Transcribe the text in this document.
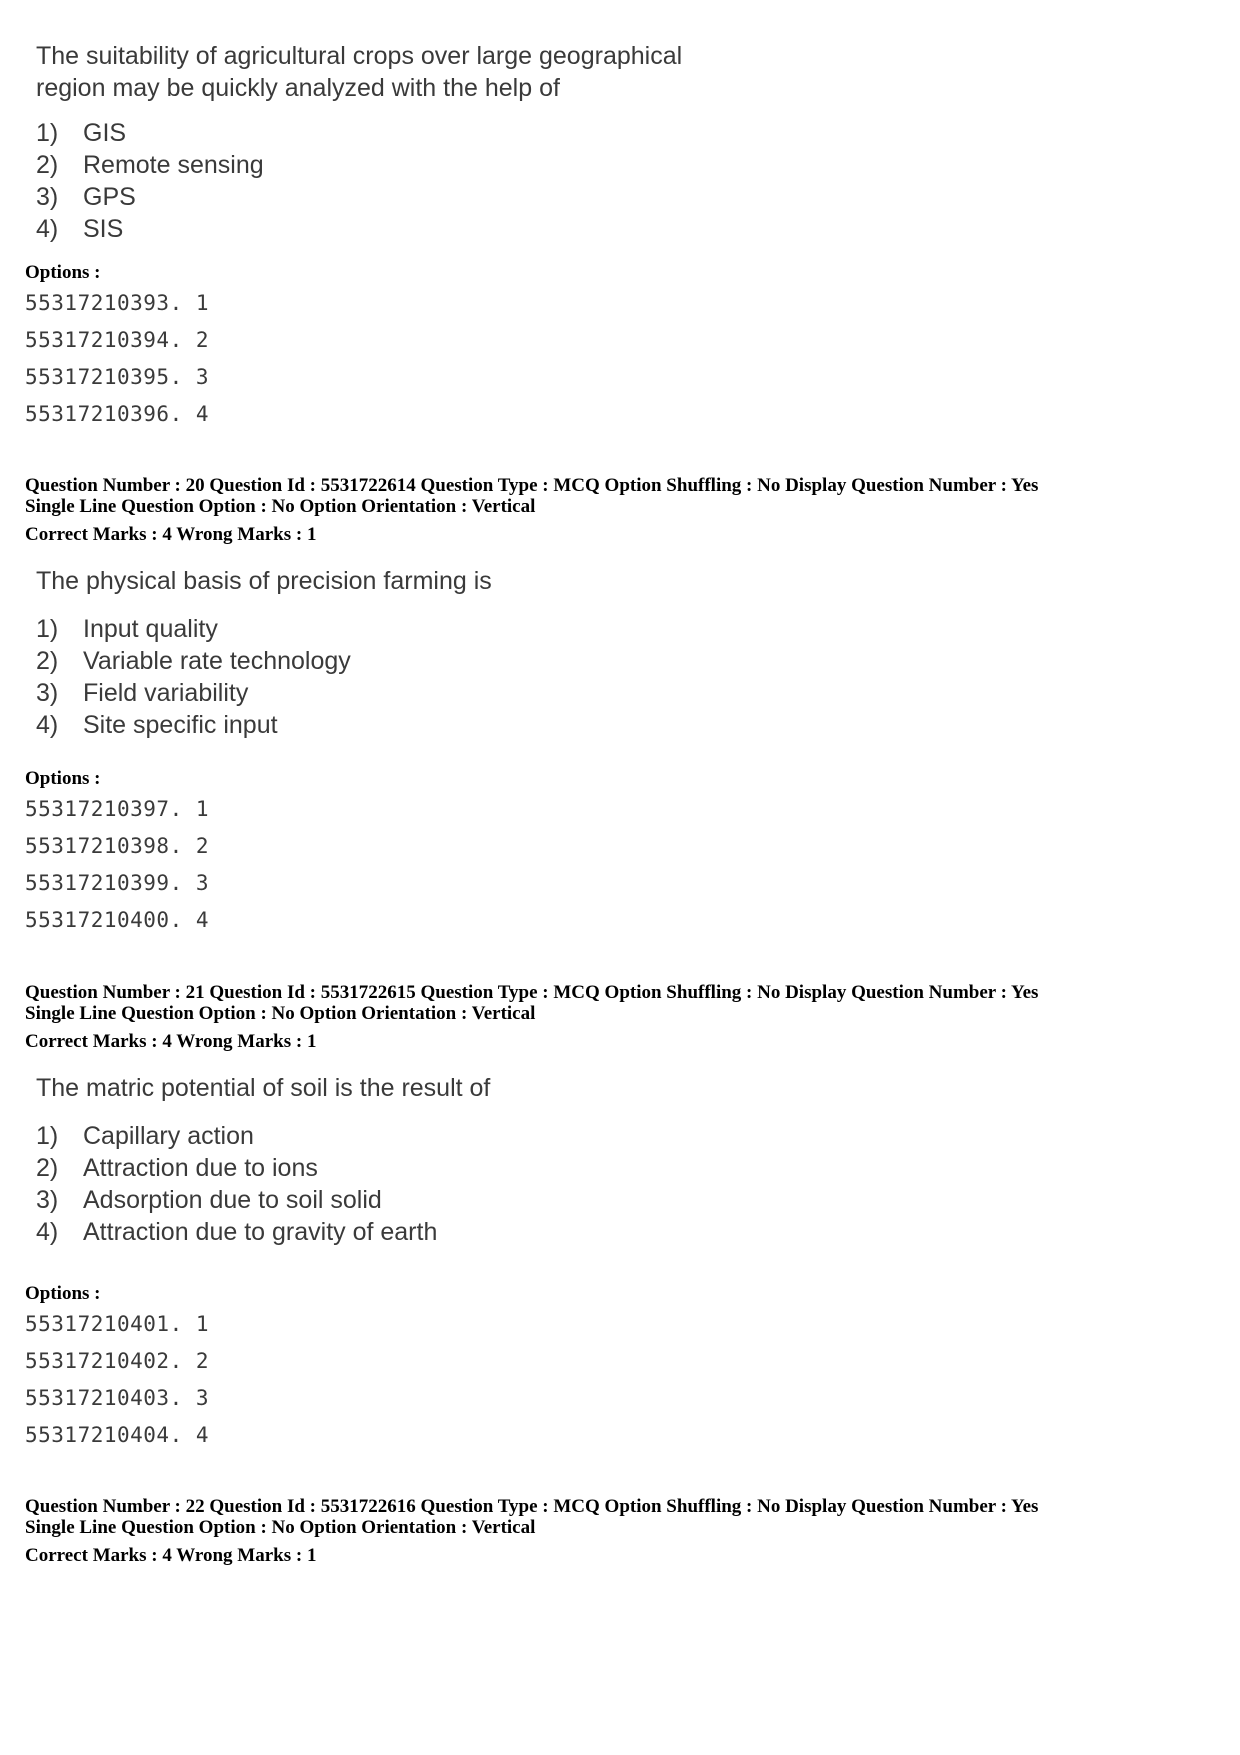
The suitability of agricultural crops over large geographical

region may be quickly analyzed with the help of

1) GIS
2) Remote sensing
3) GPS
4) SIS
Options :
55317210393. 1
55317210394. 2
55317210395. 3
55317210396. 4
Question Number : 20 Question Id : 5531722614 Question Type : MCQ Option Shuffling : No Display Question Number : Yes
Single Line Question Option : No Option Orientation : Vertical
Correct Marks : 4 Wrong Marks : 1

The physical basis of precision farming is

1) Input quality
2) Variable rate technology
3) Field variability
4) Site specific input
Options :
55317210397. 1
55317210398. 2
55317210399. 3
55317210400. 4
Question Number : 21 Question Id : 5531722615 Question Type : MCQ Option Shuffling : No Display Question Number : Yes
Single Line Question Option : No Option Orientation : Vertical
Correct Marks : 4 Wrong Marks : 1

The matric potential of soil is the result of

1) Capillary action
2) Attraction due to ions
3) Adsorption due to soil solid
4) Attraction due to gravity of earth
Options :
55317210401. 1
55317210402. 2
55317210403. 3
55317210404. 4
Question Number : 22 Question Id : 5531722616 Question Type : MCQ Option Shuffling : No Display Question Number : Yes
Single Line Question Option : No Option Orientation : Vertical
Correct Marks : 4 Wrong Marks : 1
